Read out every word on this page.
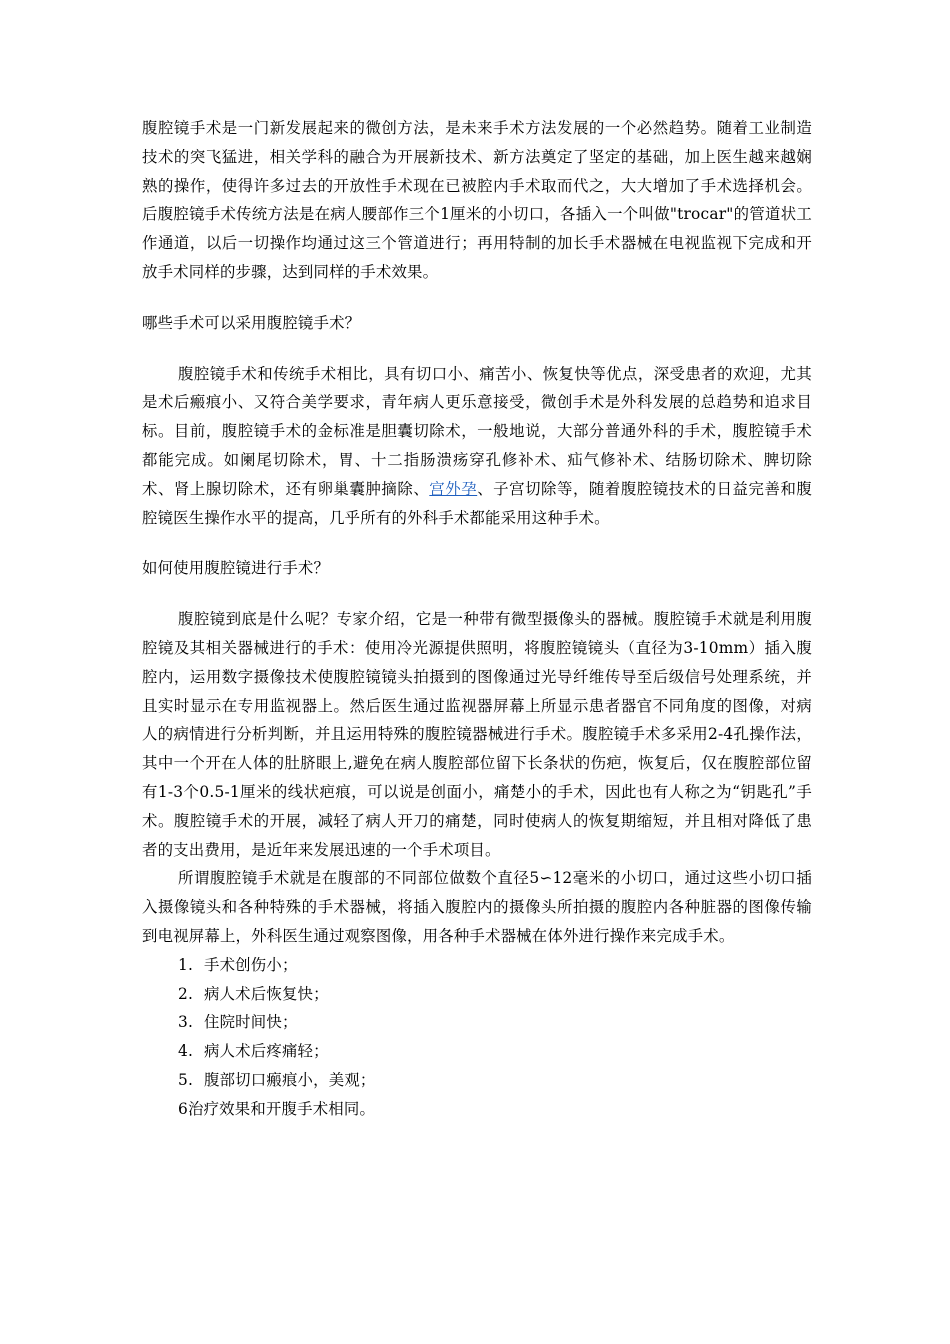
腹腔镜手术是一门新发展起来的微创方法，是未来手术方法发展的一个必然趋势。随着工业制造技术的突飞猛进，相关学科的融合为开展新技术、新方法奠定了坚定的基础，加上医生越来越娴熟的操作，使得许多过去的开放性手术现在已被腔内手术取而代之，大大增加了手术选择机会。后腹腔镜手术传统方法是在病人腰部作三个1厘米的小切口，各插入一个叫做"trocar"的管道状工作通道，以后一切操作均通过这三个管道进行；再用特制的加长手术器械在电视监视下完成和开放手术同样的步骤，达到同样的手术效果。

哪些手术可以采用腹腔镜手术？

腹腔镜手术和传统手术相比，具有切口小、痛苦小、恢复快等优点，深受患者的欢迎，尤其是术后瘢痕小、又符合美学要求，青年病人更乐意接受，微创手术是外科发展的总趋势和追求目标。目前，腹腔镜手术的金标准是胆囊切除术，一般地说，大部分普通外科的手术，腹腔镜手术都能完成。如阑尾切除术，胃、十二指肠溃疡穿孔修补术、疝气修补术、结肠切除术、脾切除术、肾上腺切除术，还有卵巢囊肿摘除、宫外孕、子宫切除等，随着腹腔镜技术的日益完善和腹腔镜医生操作水平的提高，几乎所有的外科手术都能采用这种手术。

如何使用腹腔镜进行手术？

腹腔镜到底是什么呢？专家介绍，它是一种带有微型摄像头的器械。腹腔镜手术就是利用腹腔镜及其相关器械进行的手术：使用冷光源提供照明，将腹腔镜镜头（直径为3-10mm）插入腹腔内，运用数字摄像技术使腹腔镜镜头拍摄到的图像通过光导纤维传导至后级信号处理系统，并且实时显示在专用监视器上。然后医生通过监视器屏幕上所显示患者器官不同角度的图像，对病人的病情进行分析判断，并且运用特殊的腹腔镜器械进行手术。腹腔镜手术多采用2-4孔操作法，其中一个开在人体的肚脐眼上,避免在病人腹腔部位留下长条状的伤疤，恢复后，仅在腹腔部位留有1-3个0.5-1厘米的线状疤痕，可以说是创面小，痛楚小的手术，因此也有人称之为“钥匙孔”手术。腹腔镜手术的开展，减轻了病人开刀的痛楚，同时使病人的恢复期缩短，并且相对降低了患者的支出费用，是近年来发展迅速的一个手术项目。

所谓腹腔镜手术就是在腹部的不同部位做数个直径5∽12毫米的小切口，通过这些小切口插入摄像镜头和各种特殊的手术器械，将插入腹腔内的摄像头所拍摄的腹腔内各种脏器的图像传输到电视屏幕上，外科医生通过观察图像，用各种手术器械在体外进行操作来完成手术。

1. 手术创伤小；
2. 病人术后恢复快；
3. 住院时间快；
4. 病人术后疼痛轻；
5. 腹部切口瘢痕小，美观；

6治疗效果和开腹手术相同。
